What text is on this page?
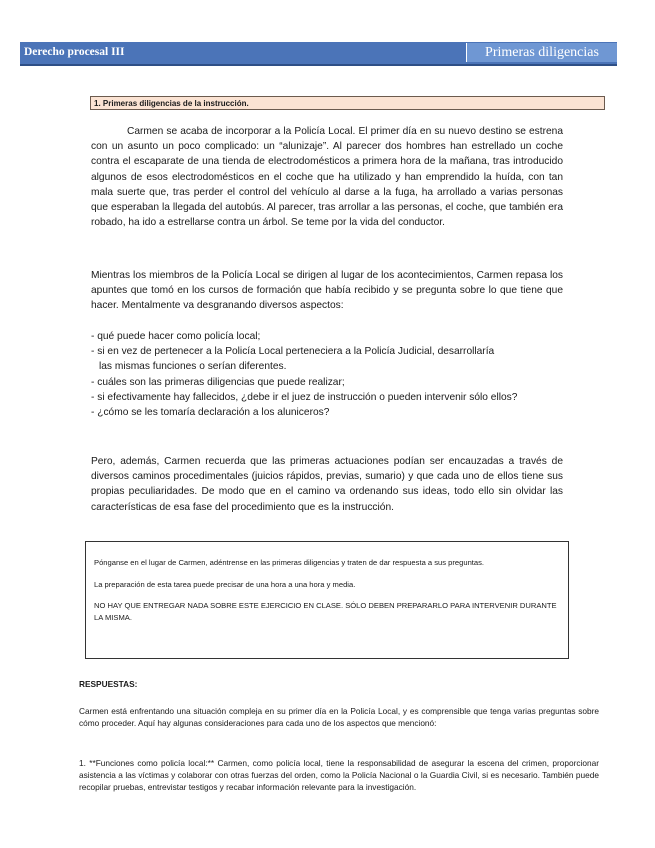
Derecho procesal III	Primeras diligencias
1. Primeras diligencias de la instrucción.

Carmen se acaba de incorporar a la Policía Local. El primer día en su nuevo destino se estrena con un asunto un poco complicado: un “alunizaje”. Al parecer dos hombres han estrellado un coche contra el escaparate de una tienda de electrodomésticos a primera hora de la mañana, tras introducido algunos de esos electrodomésticos en el coche que ha utilizado y han emprendido la huída, con tan mala suerte que, tras perder el control del vehículo al darse a la fuga, ha arrollado a varias personas que esperaban la llegada del autobús. Al parecer, tras arrollar a las personas, el coche, que también era robado, ha ido a estrellarse contra un árbol. Se teme por la vida del conductor.

Mientras los miembros de la Policía Local se dirigen al lugar de los acontecimientos, Carmen repasa los apuntes que tomó en los cursos de formación que había recibido y se pregunta sobre lo que tiene que hacer. Mentalmente va desgranando diversos aspectos:

- qué puede hacer como policía local;
- si en vez de pertenecer a la Policía Local perteneciera a la Policía Judicial, desarrollaría
las mismas funciones o serían diferentes.
- cuáles son las primeras diligencias que puede realizar;
- si efectivamente hay fallecidos, ¿debe ir el juez de instrucción o pueden intervenir sólo ellos?
- ¿cómo se les tomaría declaración a los aluniceros?

Pero, además, Carmen recuerda que las primeras actuaciones podían ser encauzadas a través de diversos caminos procedimentales (juicios rápidos, previas, sumario) y que cada uno de ellos tiene sus propias peculiaridades. De modo que en el camino va ordenando sus ideas, todo ello sin olvidar las características de esa fase del procedimiento que es la instrucción.

Pónganse en el lugar de Carmen, adéntrense en las primeras diligencias y traten de dar respuesta a sus preguntas.

La preparación de esta tarea puede precisar de una hora a una hora y media.

NO HAY QUE ENTREGAR NADA SOBRE ESTE EJERCICIO EN CLASE. SÓLO DEBEN PREPARARLO PARA INTERVENIR DURANTE LA MISMA.

RESPUESTAS:

Carmen está enfrentando una situación compleja en su primer día en la Policía Local, y es comprensible que tenga varias preguntas sobre cómo proceder. Aquí hay algunas consideraciones para cada uno de los aspectos que mencionó:

1. **Funciones como policía local:** Carmen, como policía local, tiene la responsabilidad de asegurar la escena del crimen, proporcionar asistencia a las víctimas y colaborar con otras fuerzas del orden, como la Policía Nacional o la Guardia Civil, si es necesario. También puede recopilar pruebas, entrevistar testigos y recabar información relevante para la investigación.
